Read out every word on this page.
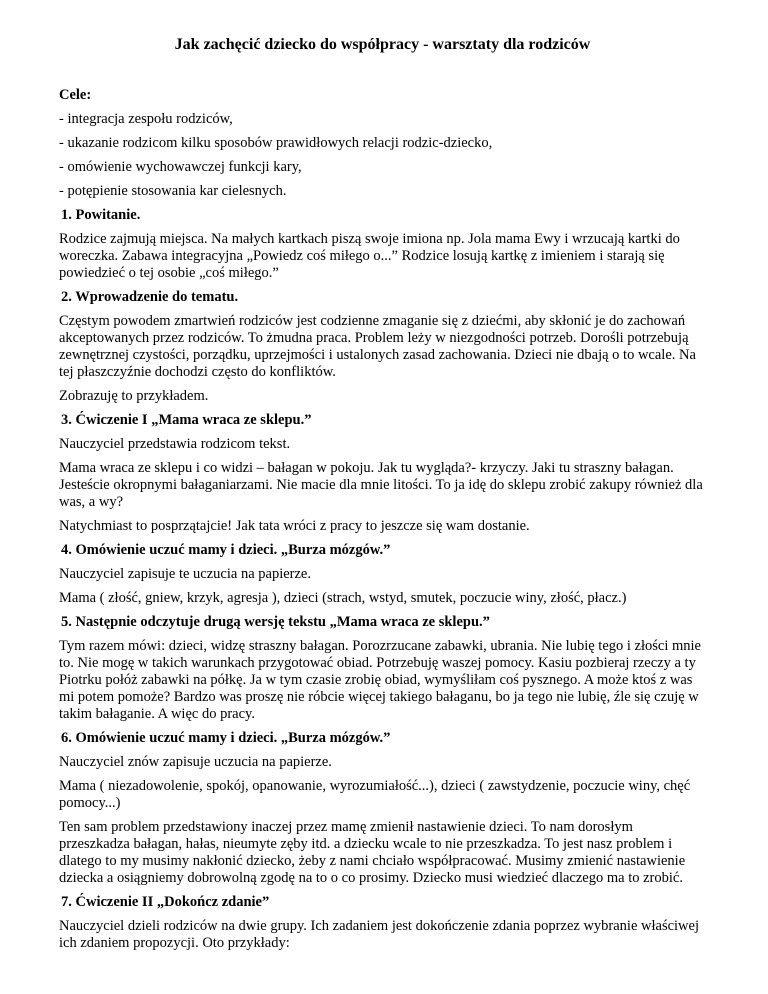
Jak zachęcić dziecko do współpracy - warsztaty dla rodziców
Cele:

- integracja zespołu rodziców,

- ukazanie rodzicom kilku sposobów prawidłowych relacji rodzic-dziecko,

- omówienie wychowawczej funkcji kary,

- potępienie stosowania kar cielesnych.

1. Powitanie.

Rodzice zajmują miejsca. Na małych kartkach piszą swoje imiona np. Jola mama Ewy i wrzucają kartki do woreczka. Zabawa integracyjna „Powiedz coś miłego o...” Rodzice losują kartkę z imieniem i starają się powiedzieć o tej osobie „coś miłego.”

2. Wprowadzenie do tematu.

Częstym powodem zmartwień rodziców jest codzienne zmaganie się z dziećmi, aby skłonić je do zachowań akceptowanych przez rodziców. To żmudna praca. Problem leży w niezgodności potrzeb. Dorośli potrzebują zewnętrznej czystości, porządku, uprzejmości i ustalonych zasad zachowania. Dzieci nie dbają o to wcale. Na tej płaszczyźnie dochodzi często do konfliktów.

Zobrazuję to przykładem.

3. Ćwiczenie I „Mama wraca ze sklepu.”

Nauczyciel przedstawia rodzicom tekst.

Mama wraca ze sklepu i co widzi – bałagan w pokoju. Jak tu wygląda?- krzyczy. Jaki tu straszny bałagan. Jesteście okropnymi bałaganiarzami. Nie macie dla mnie litości. To ja idę do sklepu zrobić zakupy również dla was, a wy?

Natychmiast to posprzątajcie! Jak tata wróci z pracy to jeszcze się wam dostanie.

4. Omówienie uczuć mamy i dzieci. „Burza mózgów.”

Nauczyciel zapisuje te uczucia na papierze.

Mama ( złość, gniew, krzyk, agresja ), dzieci (strach, wstyd, smutek, poczucie winy, złość, płacz.)

5. Następnie odczytuje drugą wersję tekstu „Mama wraca ze sklepu.”

Tym razem mówi: dzieci, widzę straszny bałagan. Porozrzucane zabawki, ubrania. Nie lubię tego i złości mnie to. Nie mogę w takich warunkach przygotować obiad. Potrzebuję waszej pomocy. Kasiu pozbieraj rzeczy a ty Piotrku połóż zabawki na półkę. Ja w tym czasie zrobię obiad, wymyśliłam coś pysznego. A może ktoś z was mi potem pomoże? Bardzo was proszę nie róbcie więcej takiego bałaganu, bo ja tego nie lubię, źle się czuję w takim bałaganie. A więc do pracy.

6. Omówienie uczuć mamy i dzieci. „Burza mózgów.”

Nauczyciel znów zapisuje uczucia na papierze.

Mama ( niezadowolenie, spokój, opanowanie, wyrozumiałość...), dzieci ( zawstydzenie, poczucie winy, chęć pomocy...)

Ten sam problem przedstawiony inaczej przez mamę zmienił nastawienie dzieci. To nam dorosłym przeszkadza bałagan, hałas, nieumyte zęby itd. a dziecku wcale to nie przeszkadza. To jest nasz problem i dlatego to my musimy nakłonić dziecko, żeby z nami chciało współpracować. Musimy zmienić nastawienie dziecka a osiągniemy dobrowolną zgodę na to o co prosimy. Dziecko musi wiedzieć dlaczego ma to zrobić.

7. Ćwiczenie II „Dokończ zdanie”

Nauczyciel dzieli rodziców na dwie grupy. Ich zadaniem jest dokończenie zdania poprzez wybranie właściwej ich zdaniem propozycji. Oto przykłady:
